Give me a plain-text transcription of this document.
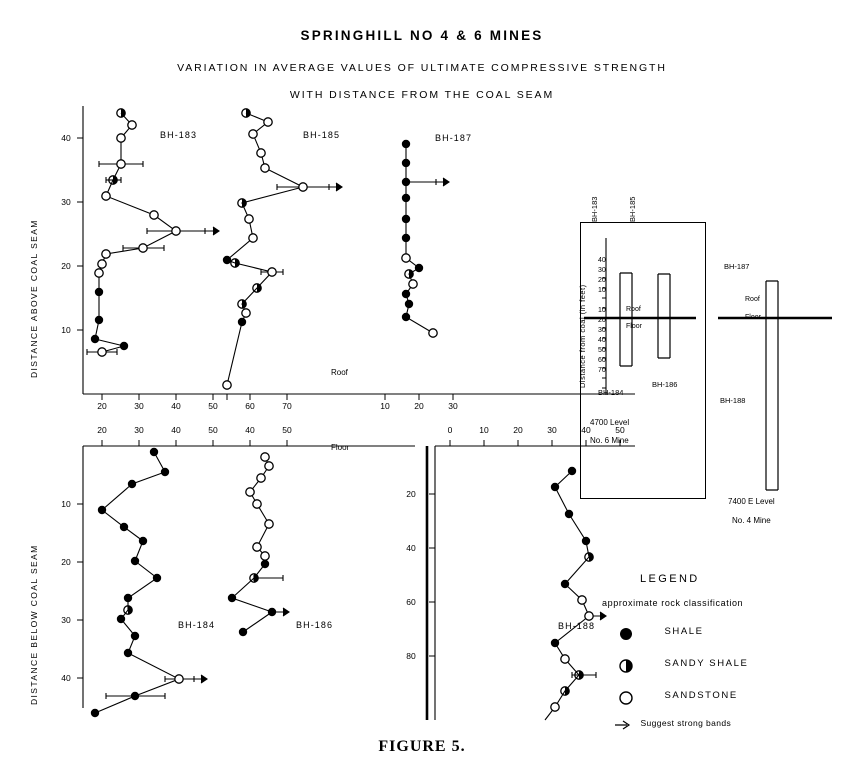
SPRINGHILL NO 4 & 6 MINES
VARIATION IN AVERAGE VALUES OF ULTIMATE COMPRESSIVE STRENGTH
WITH DISTANCE FROM THE COAL SEAM
FIGURE 5.
DISTANCE ABOVE COAL SEAM	10
20
30
40
20	30	40	50	60	70	10	20	30
Roof
BH-183	BH-185	BH-187
DISTANCE BELOW COAL SEAM
20	30	40	50	40	50	0	10	20	30	40	50
Floor
10
20
30
40
20
40
60
80
BH-184	BH-186	BH-188
Distance from coal (in feet)
BH-183	BH-185
BH-184
BH-186
Roof
Floor
10
20
30
40
10
20
30
40
50
60
70
4700 Level
No. 6 Mine
BH-187
BH-188
Roof
Floor
7400 E Level
No. 4 Mine
LEGEND
approximate rock classification
$^{SHALE}$
$^{SANDY SHALE}$
$^{SANDSTONE}$
Suggest strong bands
